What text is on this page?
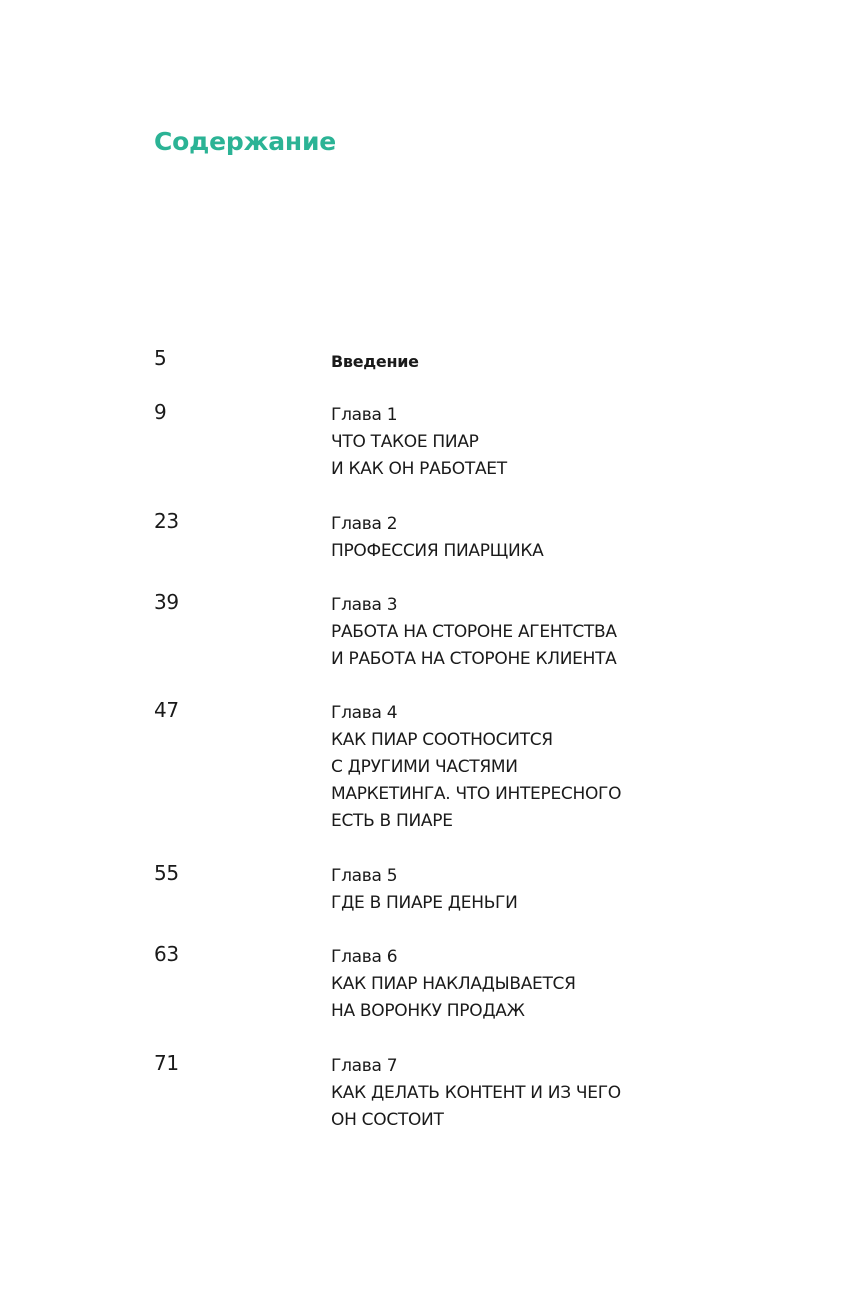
Содержание
5	Введение
9	Глава 1
ЧТО ТАКОЕ ПИАР
И КАК ОН РАБОТАЕТ
23	Глава 2
ПРОФЕССИЯ ПИАРЩИКА
39	Глава 3
РАБОТА НА СТОРОНЕ АГЕНТСТВА
И РАБОТА НА СТОРОНЕ КЛИЕНТА
47	Глава 4
КАК ПИАР СООТНОСИТСЯ
С ДРУГИМИ ЧАСТЯМИ
МАРКЕТИНГА. ЧТО ИНТЕРЕСНОГО
ЕСТЬ В ПИАРЕ
55	Глава 5
ГДЕ В ПИАРЕ ДЕНЬГИ
63	Глава 6
КАК ПИАР НАКЛАДЫВАЕТСЯ
НА ВОРОНКУ ПРОДАЖ
71	Глава 7
КАК ДЕЛАТЬ КОНТЕНТ И ИЗ ЧЕГО
ОН СОСТОИТ
